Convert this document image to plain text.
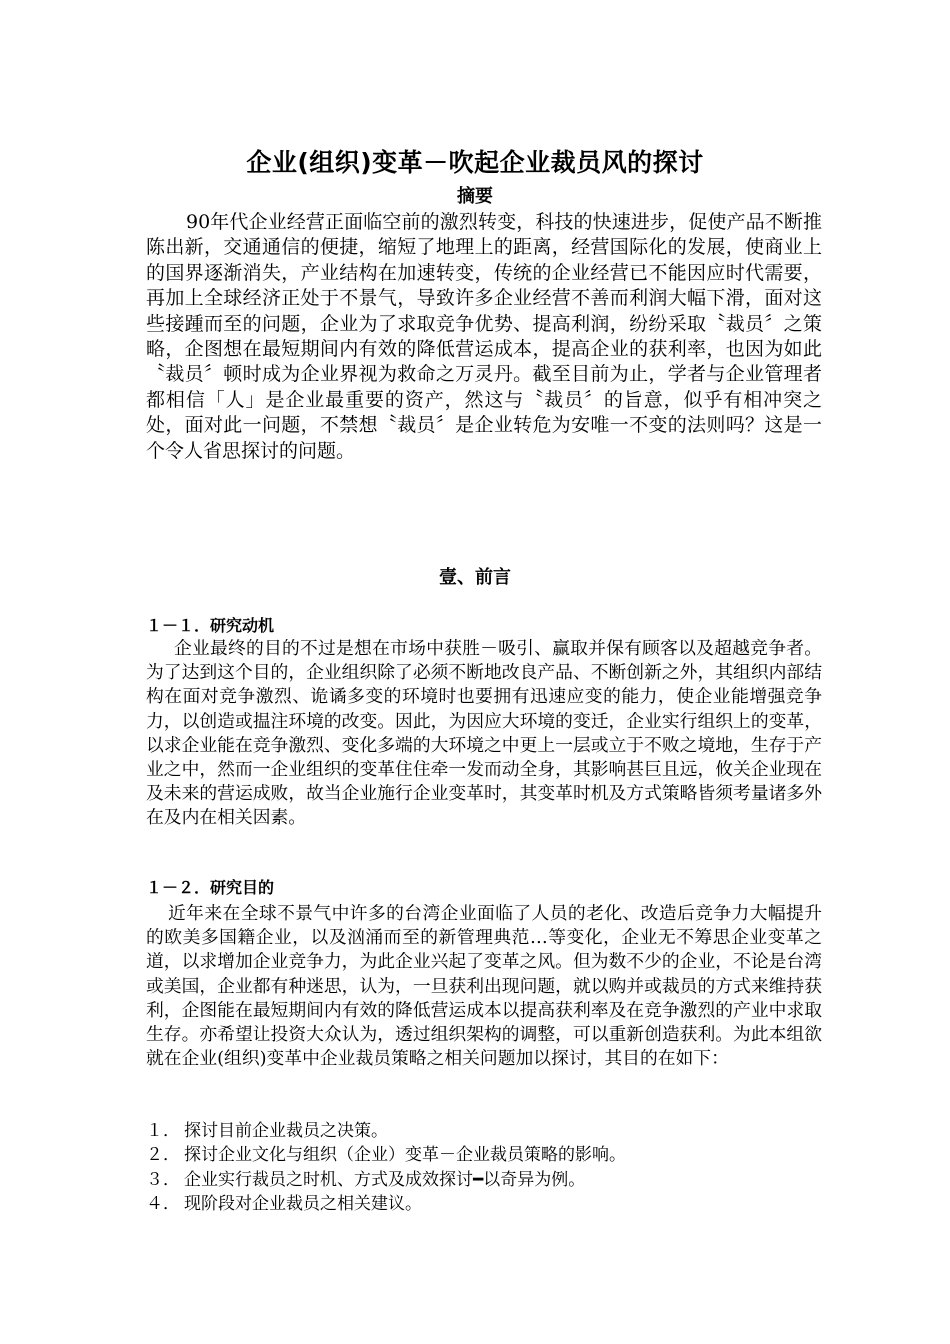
企业(组织)变革－吹起企业裁员风的探讨
摘要

90年代企业经营正面临空前的激烈转变，科技的快速进步，促使产品不断推陈出新，交通通信的便捷，缩短了地理上的距离，经营国际化的发展，使商业上的国界逐渐消失，产业结构在加速转变，传统的企业经营已不能因应时代需要，再加上全球经济正处于不景气，导致许多企业经营不善而利润大幅下滑，面对这些接踵而至的问题，企业为了求取竞争优势、提高利润，纷纷采取〝裁员〞之策略，企图想在最短期间内有效的降低营运成本，提高企业的获利率，也因为如此〝裁员〞顿时成为企业界视为救命之万灵丹。截至目前为止，学者与企业管理者都相信「人」是企业最重要的资产，然这与〝裁员〞的旨意，似乎有相冲突之处，面对此一问题，不禁想〝裁员〞是企业转危为安唯一不变的法则吗？这是一个令人省思探讨的问题。

壹、前言
１－１．研究动机

企业最终的目的不过是想在市场中获胜－吸引、赢取并保有顾客以及超越竞争者。为了达到这个目的，企业组织除了必须不断地改良产品、不断创新之外，其组织内部结构在面对竞争激烈、诡谲多变的环境时也要拥有迅速应变的能力，使企业能增强竞争力，以创造或揾注环境的改变。因此，为因应大环境的变迁，企业实行组织上的变革，以求企业能在竞争激烈、变化多端的大环境之中更上一层或立于不败之境地，生存于产业之中，然而一企业组织的变革住住牵一发而动全身，其影响甚巨且远，攸关企业现在及未来的营运成败，故当企业施行企业变革时，其变革时机及方式策略皆须考量诸多外在及内在相关因素。

１－２．研究目的

近年来在全球不景气中许多的台湾企业面临了人员的老化、改造后竞争力大幅提升的欧美多国籍企业，以及汹涌而至的新管理典范…等变化，企业无不筹思企业变革之道，以求增加企业竞争力，为此企业兴起了变革之风。但为数不少的企业，不论是台湾或美国，企业都有种迷思，认为，一旦获利出现问题，就以购并或裁员的方式来维持获利，企图能在最短期间内有效的降低营运成本以提高获利率及在竞争激烈的产业中求取生存。亦希望让投资大众认为，透过组织架构的调整，可以重新创造获利。为此本组欲就在企业(组织)变革中企业裁员策略之相关问题加以探讨，其目的在如下：

１． 探讨目前企业裁员之决策。
２． 探讨企业文化与组织（企业）变革－企业裁员策略的影响。
３． 企业实行裁员之时机、方式及成效探讨━以奇异为例。
４． 现阶段对企业裁员之相关建议。
